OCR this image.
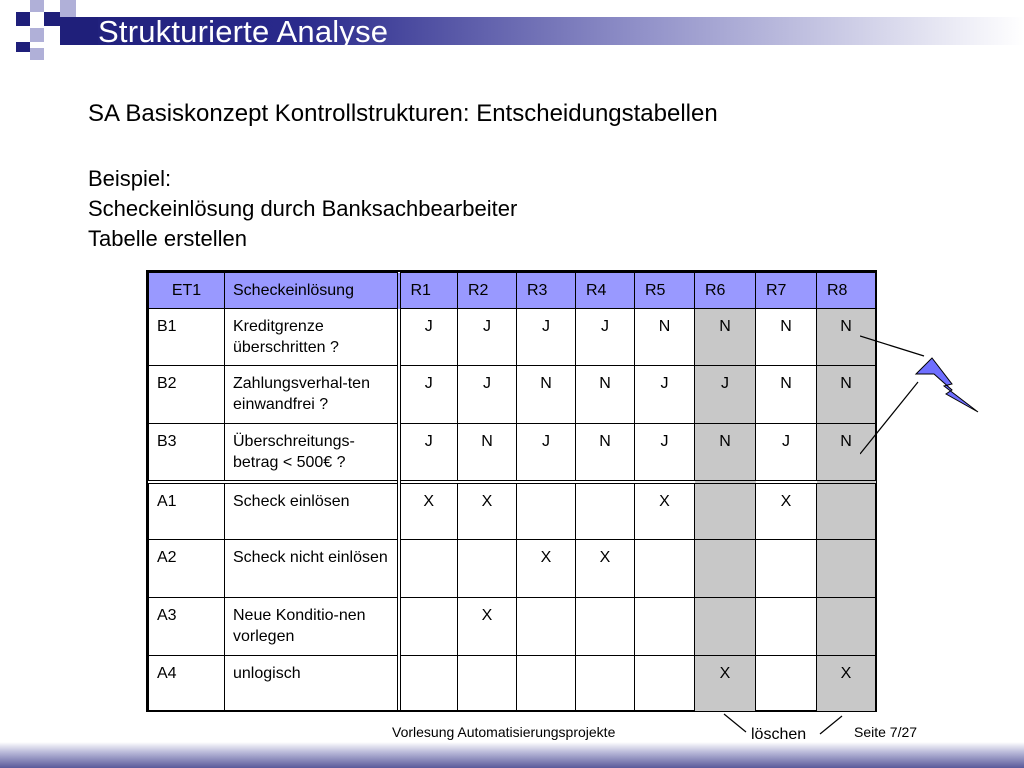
Strukturierte Analyse
SA Basiskonzept Kontrollstrukturen: Entscheidungstabellen
Beispiel:
Scheckeinlösung durch Banksachbearbeiter
Tabelle erstellen
ET1	Scheckeinlösung	R1	R2	R3	R4	R5	R6	R7	R8
B1	Kreditgrenze überschritten ?	J	J	J	J	N	N	N	N
B2	Zahlungsverhal-ten einwandfrei ?	J	J	N	N	J	J	N	N
B3	Überschreitungs-betrag < 500€ ?	J	N	J	N	J	N	J	N
A1	Scheck einlösen	X	X			X		X	
A2	Scheck nicht einlösen			X	X				
A3	Neue Konditio-nen vorlegen		X						
A4	unlogisch						X		X
Vorlesung Automatisierungsprojekte	löschen	Seite 7/27
